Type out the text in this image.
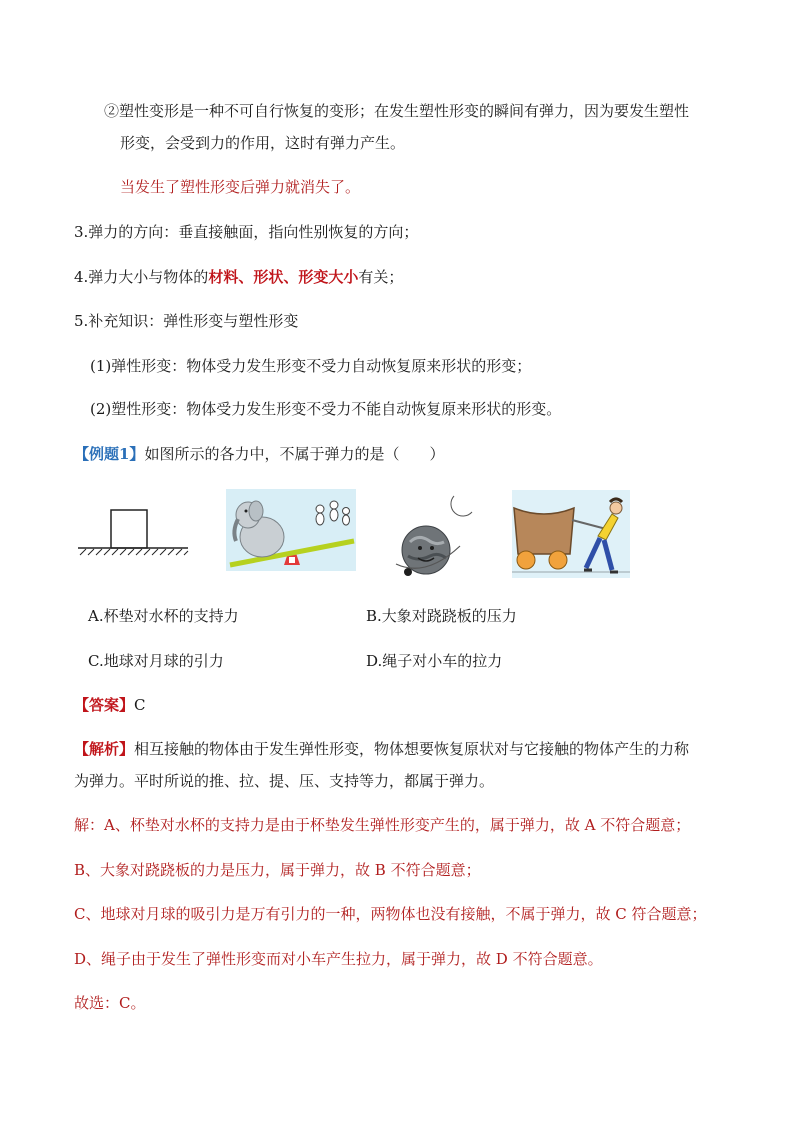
②塑性变形是一种不可自行恢复的变形；在发生塑性形变的瞬间有弹力，因为要发生塑性
形变，会受到力的作用，这时有弹力产生。
当发生了塑性形变后弹力就消失了。
3.弹力的方向：垂直接触面，指向性别恢复的方向；
4.弹力大小与物体的材料、形状、形变大小有关；
5.补充知识：弹性形变与塑性形变
(1)弹性形变：物体受力发生形变不受力自动恢复原来形状的形变；
(2)塑性形变：物体受力发生形变不受力不能自动恢复原来形状的形变。
【例题1】如图所示的各力中，不属于弹力的是（　　）
A.杯垫对水杯的支持力	B.大象对跷跷板的压力
C.地球对月球的引力	D.绳子对小车的拉力
【答案】C
【解析】相互接触的物体由于发生弹性形变，物体想要恢复原状对与它接触的物体产生的力称
为弹力。平时所说的推、拉、提、压、支持等力，都属于弹力。
解：A、杯垫对水杯的支持力是由于杯垫发生弹性形变产生的，属于弹力，故 A 不符合题意；
B、大象对跷跷板的力是压力，属于弹力，故 B 不符合题意；
C、地球对月球的吸引力是万有引力的一种，两物体也没有接触，不属于弹力，故 C 符合题意；
D、绳子由于发生了弹性形变而对小车产生拉力，属于弹力，故 D 不符合题意。
故选：C。
